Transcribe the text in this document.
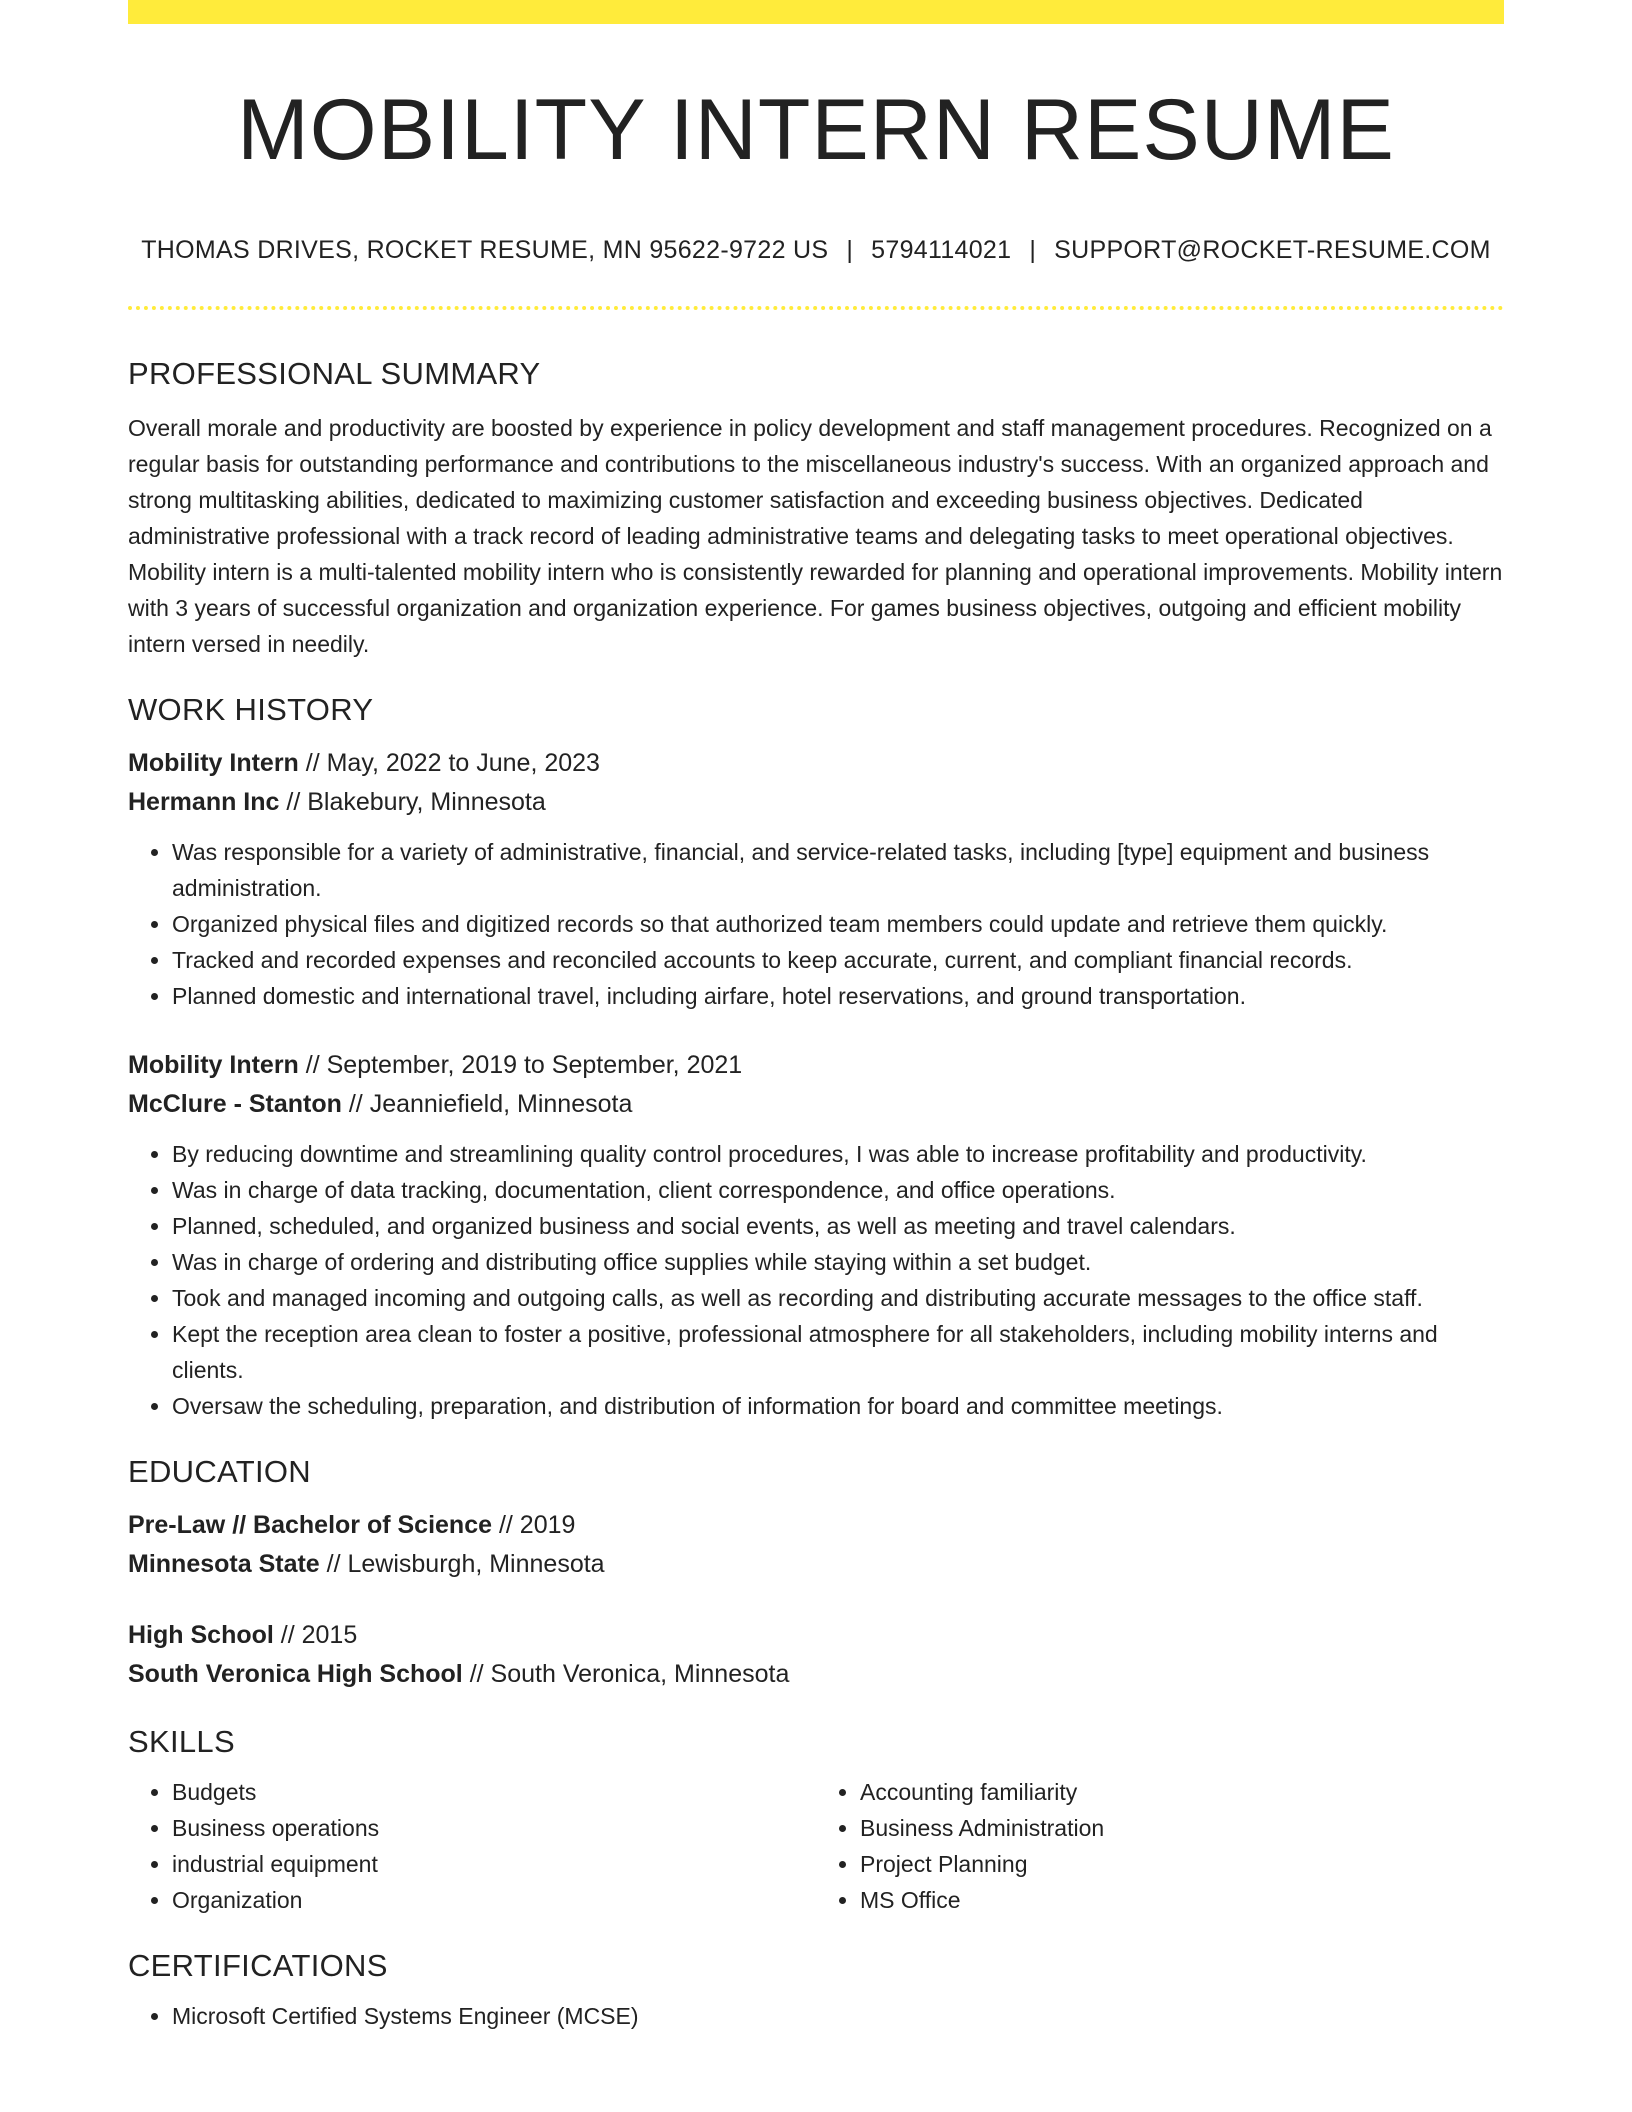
MOBILITY INTERN RESUME
THOMAS DRIVES, ROCKET RESUME, MN 95622-9722 US | 5794114021 | SUPPORT@ROCKET-RESUME.COM
PROFESSIONAL SUMMARY

Overall morale and productivity are boosted by experience in policy development and staff management procedures. Recognized on a regular basis for outstanding performance and contributions to the miscellaneous industry's success. With an organized approach and strong multitasking abilities, dedicated to maximizing customer satisfaction and exceeding business objectives. Dedicated administrative professional with a track record of leading administrative teams and delegating tasks to meet operational objectives. Mobility intern is a multi-talented mobility intern who is consistently rewarded for planning and operational improvements. Mobility intern with 3 years of successful organization and organization experience. For games business objectives, outgoing and efficient mobility intern versed in needily.

WORK HISTORY
Mobility Intern // May, 2022 to June, 2023
Hermann Inc // Blakebury, Minnesota
• Was responsible for a variety of administrative, financial, and service-related tasks, including [type] equipment and business administration.
• Organized physical files and digitized records so that authorized team members could update and retrieve them quickly.
• Tracked and recorded expenses and reconciled accounts to keep accurate, current, and compliant financial records.
• Planned domestic and international travel, including airfare, hotel reservations, and ground transportation.
Mobility Intern // September, 2019 to September, 2021
McClure - Stanton // Jeanniefield, Minnesota
• By reducing downtime and streamlining quality control procedures, I was able to increase profitability and productivity.
• Was in charge of data tracking, documentation, client correspondence, and office operations.
• Planned, scheduled, and organized business and social events, as well as meeting and travel calendars.
• Was in charge of ordering and distributing office supplies while staying within a set budget.
• Took and managed incoming and outgoing calls, as well as recording and distributing accurate messages to the office staff.
• Kept the reception area clean to foster a positive, professional atmosphere for all stakeholders, including mobility interns and clients.
• Oversaw the scheduling, preparation, and distribution of information for board and committee meetings.
EDUCATION
Pre-Law // Bachelor of Science // 2019
Minnesota State // Lewisburgh, Minnesota
High School // 2015
South Veronica High School // South Veronica, Minnesota
SKILLS
• Budgets
• Business operations
• industrial equipment
• Organization
• Accounting familiarity
• Business Administration
• Project Planning
• MS Office
CERTIFICATIONS
• Microsoft Certified Systems Engineer (MCSE)
